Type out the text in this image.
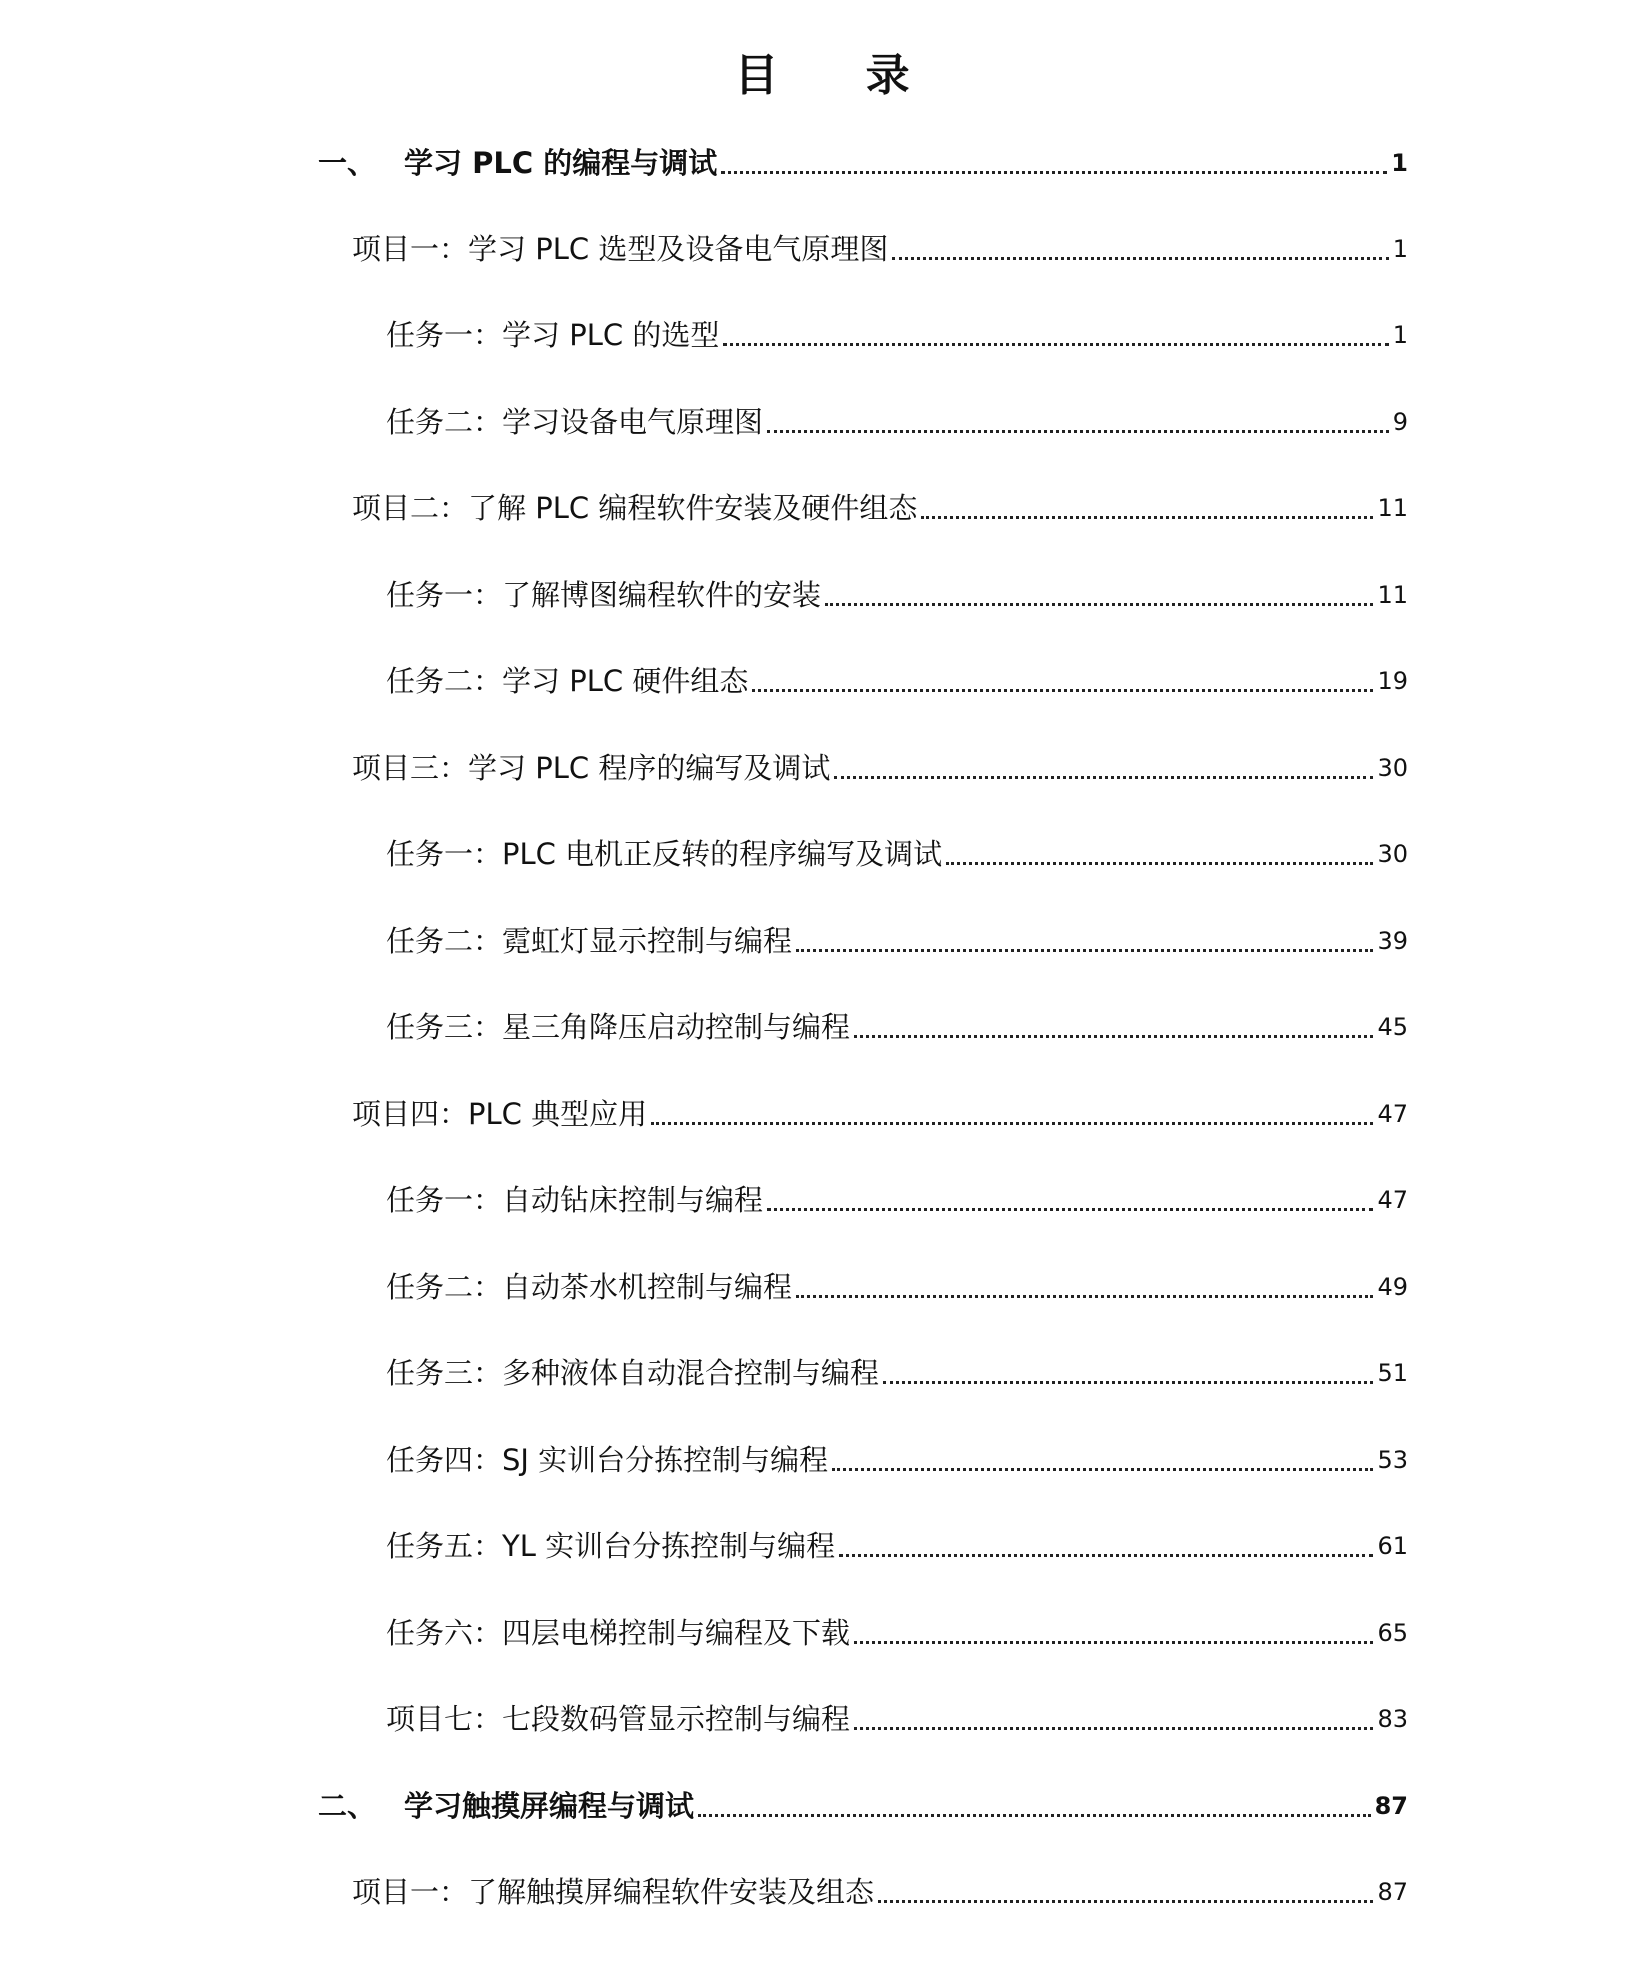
目 录
一、 学习 PLC 的编程与调试	1
项目一：学习 PLC 选型及设备电气原理图	1
任务一：学习 PLC 的选型	1
任务二：学习设备电气原理图	9
项目二：了解 PLC 编程软件安装及硬件组态	11
任务一：了解博图编程软件的安装	11
任务二：学习 PLC 硬件组态	19
项目三：学习 PLC 程序的编写及调试	30
任务一：PLC 电机正反转的程序编写及调试	30
任务二：霓虹灯显示控制与编程	39
任务三：星三角降压启动控制与编程	45
项目四：PLC 典型应用	47
任务一：自动钻床控制与编程	47
任务二：自动茶水机控制与编程	49
任务三：多种液体自动混合控制与编程	51
任务四：SJ 实训台分拣控制与编程	53
任务五：YL 实训台分拣控制与编程	61
任务六：四层电梯控制与编程及下载	65
项目七：七段数码管显示控制与编程	83
二、 学习触摸屏编程与调试	87
项目一：了解触摸屏编程软件安装及组态	87
